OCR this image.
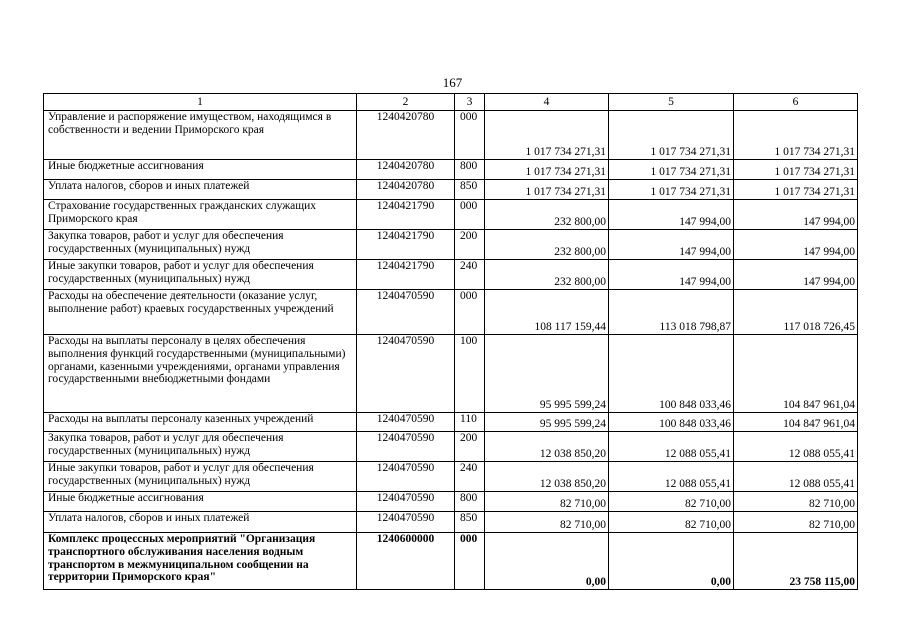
167
1	2	3	4	5	6
Управление и распоряжение имуществом, находящимся в собственности и ведении Приморского края	1240420780	000	1 017 734 271,31	1 017 734 271,31	1 017 734 271,31
Иные бюджетные ассигнования	1240420780	800	1 017 734 271,31	1 017 734 271,31	1 017 734 271,31
Уплата налогов, сборов и иных платежей	1240420780	850	1 017 734 271,31	1 017 734 271,31	1 017 734 271,31
Страхование государственных гражданских служащих Приморского края	1240421790	000	232 800,00	147 994,00	147 994,00
Закупка товаров, работ и услуг для обеспечения государственных (муниципальных) нужд	1240421790	200	232 800,00	147 994,00	147 994,00
Иные закупки товаров, работ и услуг для обеспечения государственных (муниципальных) нужд	1240421790	240	232 800,00	147 994,00	147 994,00
Расходы на обеспечение деятельности (оказание услуг, выполнение работ) краевых государственных учреждений	1240470590	000	108 117 159,44	113 018 798,87	117 018 726,45
Расходы на выплаты персоналу в целях обеспечения выполнения функций государственными (муниципальными) органами, казенными учреждениями, органами управления государственными внебюджетными фондами	1240470590	100	95 995 599,24	100 848 033,46	104 847 961,04
Расходы на выплаты персоналу казенных учреждений	1240470590	110	95 995 599,24	100 848 033,46	104 847 961,04
Закупка товаров, работ и услуг для обеспечения государственных (муниципальных) нужд	1240470590	200	12 038 850,20	12 088 055,41	12 088 055,41
Иные закупки товаров, работ и услуг для обеспечения государственных (муниципальных) нужд	1240470590	240	12 038 850,20	12 088 055,41	12 088 055,41
Иные бюджетные ассигнования	1240470590	800	82 710,00	82 710,00	82 710,00
Уплата налогов, сборов и иных платежей	1240470590	850	82 710,00	82 710,00	82 710,00
Комплекс процессных мероприятий "Организация транспортного обслуживания населения водным транспортом в межмуниципальном сообщении на территории Приморского края"	1240600000	000	0,00	0,00	23 758 115,00
